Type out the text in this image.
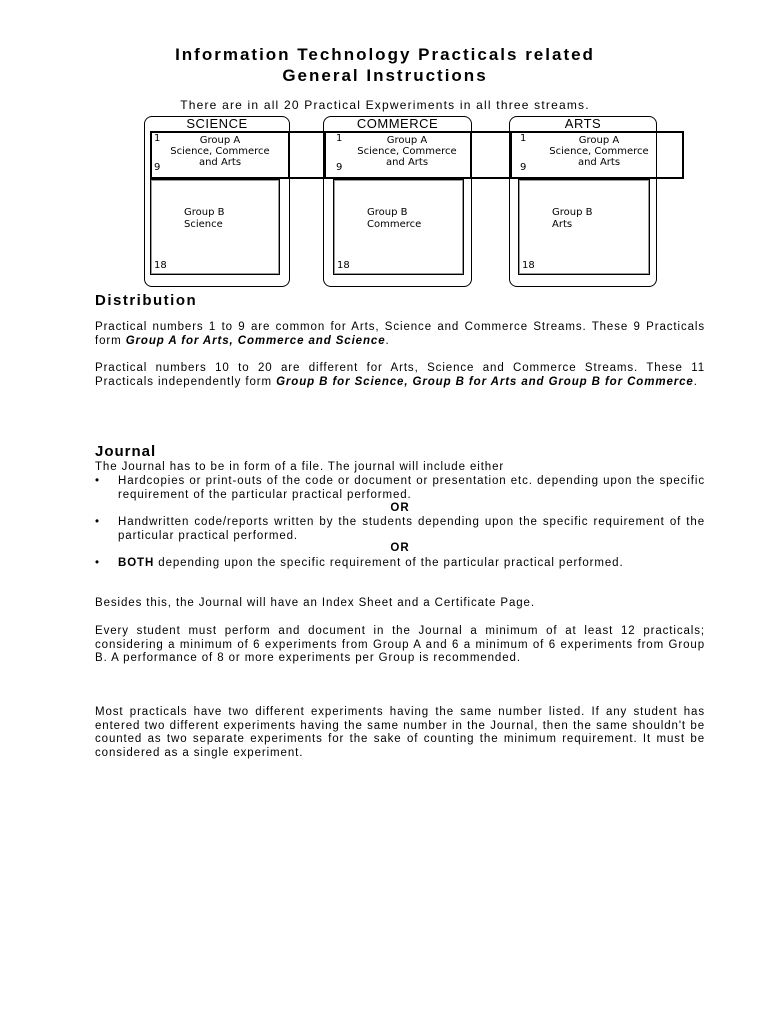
Information Technology Practicals related
General Instructions
There are in all 20 Practical Expweriments in all three streams.
SCIENCE	COMMERCE	ARTS
1	Group A
Science, Commerce
and Arts
9
1	Group A
Science, Commerce
and Arts
9
1	Group A
Science, Commerce
and Arts
9
Group B
Science
18
Group B
Commerce
18
Group B
Arts
18
Distribution

Practical numbers 1 to 9 are common for Arts, Science and Commerce Streams. These 9 Practicals form Group A for Arts, Commerce and Science.

Practical numbers 10 to 20 are different for Arts, Science and Commerce Streams. These 11 Practicals independently form Group B for Science, Group B for Arts and Group B for Commerce.

Journal

The Journal has to be in form of a file. The journal will include either

• Hardcopies or print-outs of the code or document or presentation etc. depending upon the specific requirement of the particular practical performed.
OR
• Handwritten code/reports written by the students depending upon the specific requirement of the particular practical performed.
OR
• BOTH depending upon the specific requirement of the particular practical performed.

Besides this, the Journal will have an Index Sheet and a Certificate Page.

Every student must perform and document in the Journal a minimum of at least 12 practicals; considering a minimum of 6 experiments from Group A and 6 a minimum of 6 experiments from Group B. A performance of 8 or more experiments per Group is recommended.

Most practicals have two different experiments having the same number listed. If any student has entered two different experiments having the same number in the Journal, then the same shouldn't be counted as two separate experiments for the sake of counting the minimum requirement. It must be considered as a single experiment.
